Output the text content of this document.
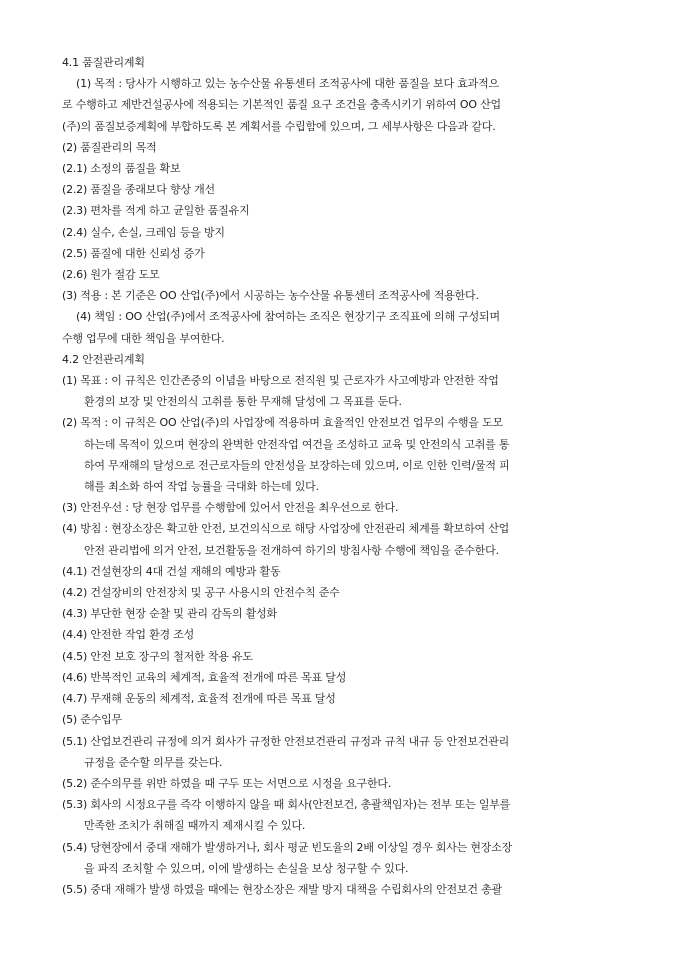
4.1 품질관리계획
(1) 목적 : 당사가 시행하고 있는 농수산물 유통센터 조적공사에 대한 품질을 보다 효과적으
로 수행하고 제반건설공사에 적용되는 기본적인 품질 요구 조건을 충족시키기 위하여 OO 산업
(주)의 품질보증계획에 부합하도록 본 계획서를 수립함에 있으며, 그 세부사항은 다음과 같다.
(2) 품질관리의 목적
(2.1) 소정의 품질을 확보
(2.2) 품질을 종래보다 향상 개선
(2.3) 편차를 적게 하고 균일한 품질유지
(2.4) 실수, 손실, 크레임 등을 방지
(2.5) 품질에 대한 신뢰성 증가
(2.6) 원가 절감 도모
(3) 적용 : 본 기준은 OO 산업(주)에서 시공하는 농수산물 유통센터 조적공사에 적용한다.
(4) 책임 : OO 산업(주)에서 조적공사에 참여하는 조직은 현장기구 조직표에 의해 구성되며
수행 업무에 대한 책임을 부여한다.
4.2 안전관리계획
(1) 목표 : 이 규칙은 인간존중의 이념을 바탕으로 전직원 및 근로자가 사고예방과 안전한 작업
환경의 보장 및 안전의식 고취를 통한 무재해 달성에 그 목표를 둔다.
(2) 목적 : 이 규칙은 OO 산업(주)의 사업장에 적용하며 효율적인 안전보건 업무의 수행을 도모
하는데 목적이 있으며 현장의 완벽한 안전작업 여건을 조성하고 교육 및 안전의식 고취를 통
하여 무재해의 달성으로 전근로자들의 안전성을 보장하는데 있으며, 이로 인한 인력/물적 피
해를 최소화 하여 작업 능률을 극대화 하는데 있다.
(3) 안전우선 : 당 현장 업무를 수행함에 있어서 안전을 최우선으로 한다.
(4) 방침 : 현장소장은 확고한 안전, 보건의식으로 해당 사업장에 안전관리 체계를 확보하여 산업
안전 관리법에 의거 안전, 보건활동을 전개하여 하기의 방침사항 수행에 책임을 준수한다.
(4.1) 건설현장의 4대 건설 재해의 예방과 활동
(4.2) 건설장비의 안전장치 및 공구 사용시의 안전수칙 준수
(4.3) 부단한 현장 순찰 및 관리 감독의 활성화
(4.4) 안전한 작업 환경 조성
(4.5) 안전 보호 장구의 철저한 착용 유도
(4.6) 반복적인 교육의 체계적, 효율적 전개에 따른 목표 달성
(4.7) 무재해 운동의 체계적, 효율적 전개에 따른 목표 달성
(5) 준수입무
(5.1) 산업보건관리 규정에 의거 회사가 규정한 안전보건관리 규정과 규칙 내규 등 안전보건관리
규정을 준수할 의무를 갖는다.
(5.2) 준수의무를 위반 하였을 때 구두 또는 서면으로 시정을 요구한다.
(5.3) 회사의 시정요구를 즉각 이행하지 않을 때 회사(안전보건, 총괄책임자)는 전부 또는 일부를
만족한 조치가 취해질 때까지 제재시킬 수 있다.
(5.4) 당현장에서 중대 재해가 발생하거나, 회사 평균 빈도율의 2배 이상일 경우 회사는 현장소장
을 파직 조치할 수 있으며, 이에 발생하는 손실을 보상 청구할 수 있다.
(5.5) 중대 재해가 발생 하였을 때에는 현장소장은 재발 방지 대책을 수립회사의 안전보건 총괄
